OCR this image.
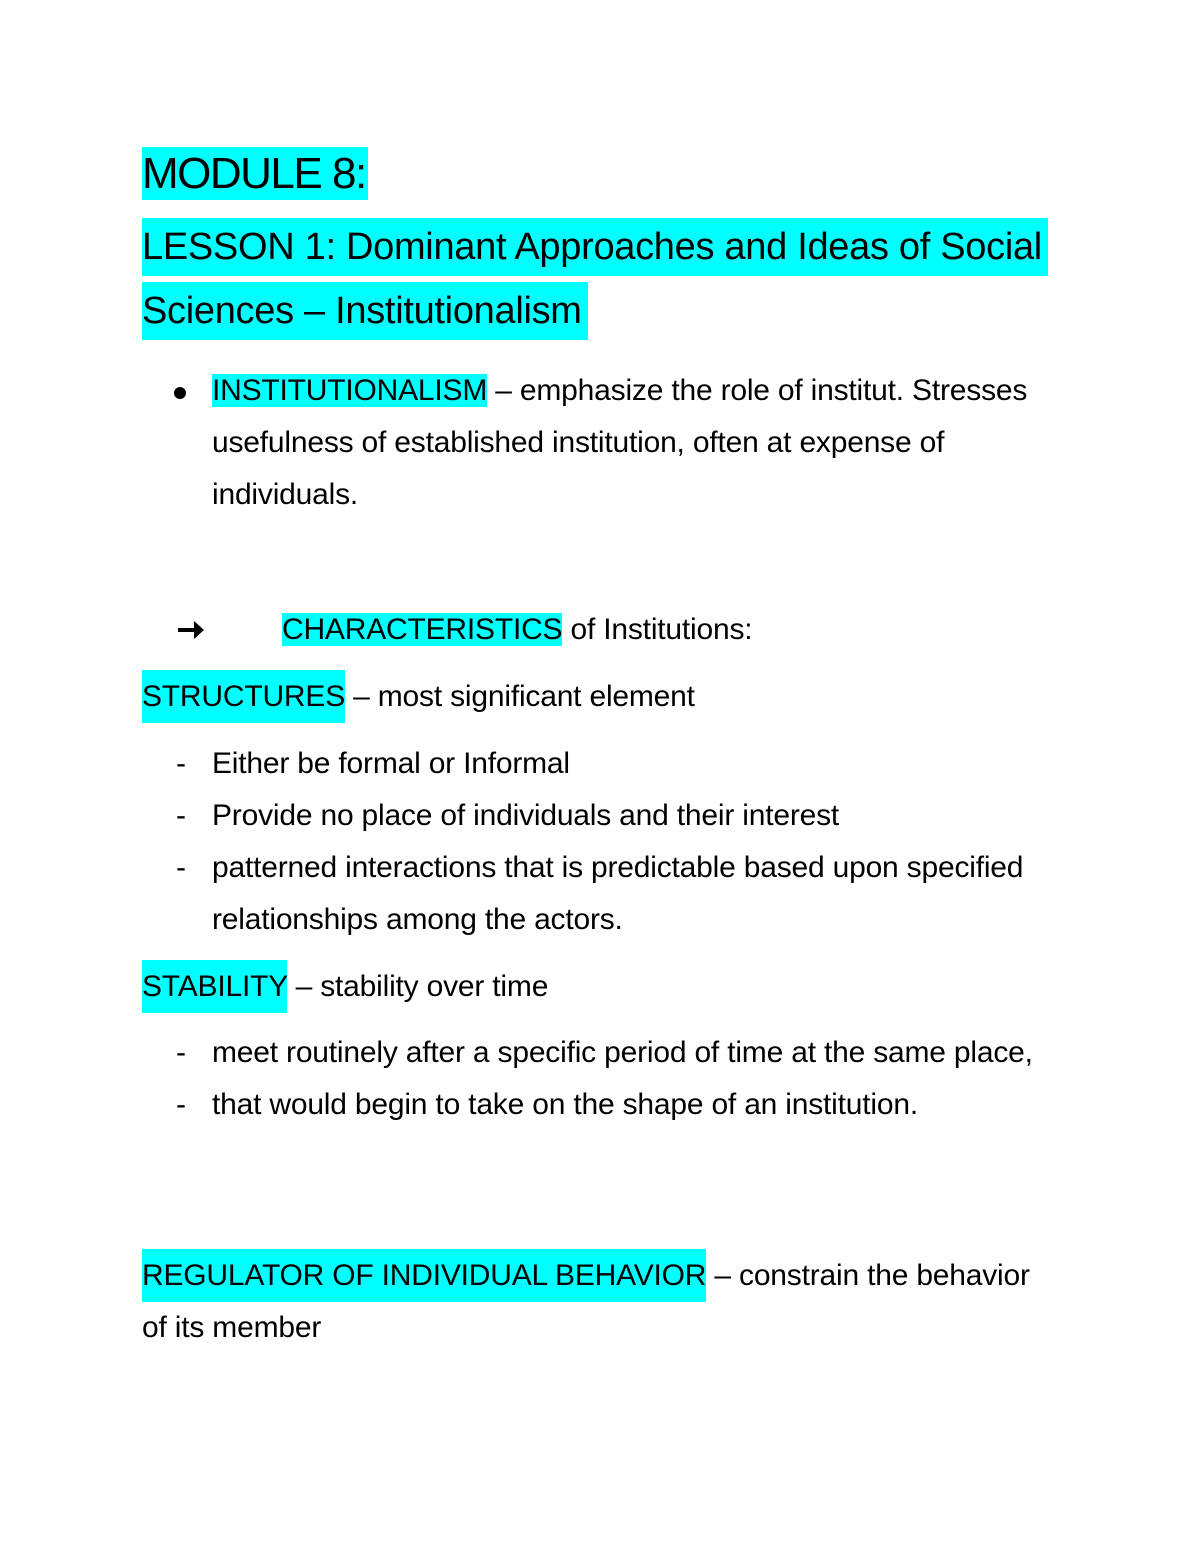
MODULE 8:
LESSON 1: Dominant Approaches and Ideas of Social Sciences – Institutionalism
INSTITUTIONALISM – emphasize the role of institut. Stresses usefulness of established institution, often at expense of individuals.
CHARACTERISTICS of Institutions:
STRUCTURES – most significant element
- Either be formal or Informal
- Provide no place of individuals and their interest
- patterned interactions that is predictable based upon specified relationships among the actors.
STABILITY – stability over time
- meet routinely after a specific period of time at the same place,
- that would begin to take on the shape of an institution.
REGULATOR OF INDIVIDUAL BEHAVIOR – constrain the behavior of its member
